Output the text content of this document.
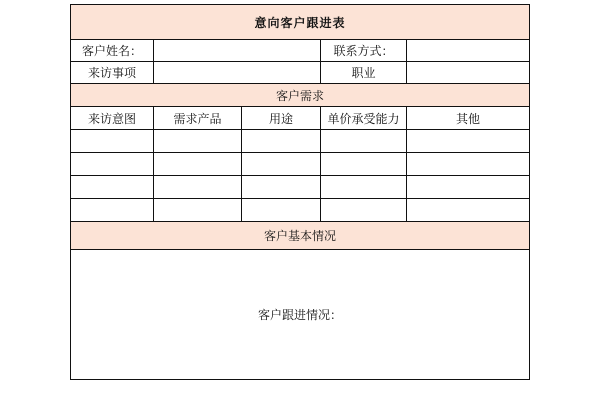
意向客户跟进表				
客户姓名：			联系方式：	
来访事项			职业	
客户需求				
来访意图	需求产品	用途	单价承受能力	其他

客户基本情况				
客户跟进情况：				
